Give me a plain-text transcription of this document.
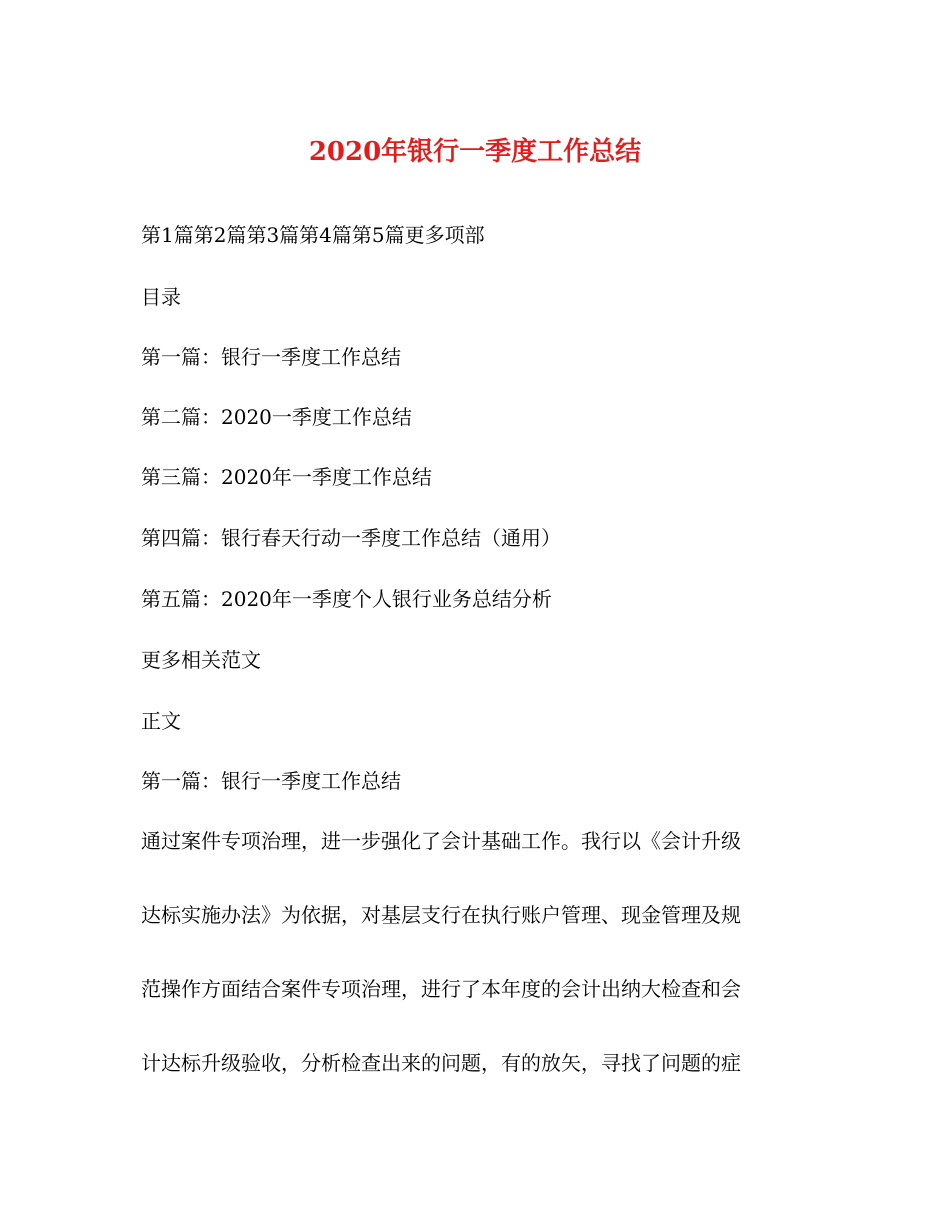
2020年银行一季度工作总结
第1篇第2篇第3篇第4篇第5篇更多项部
目录
第一篇：银行一季度工作总结
第二篇：2020一季度工作总结
第三篇：2020年一季度工作总结
第四篇：银行春天行动一季度工作总结（通用）
第五篇：2020年一季度个人银行业务总结分析
更多相关范文
正文
第一篇：银行一季度工作总结
通过案件专项治理，进一步强化了会计基础工作。我行以《会计升级
达标实施办法》为依据，对基层支行在执行账户管理、现金管理及规
范操作方面结合案件专项治理，进行了本年度的会计出纳大检查和会
计达标升级验收，分析检查出来的问题，有的放矢，寻找了问题的症
